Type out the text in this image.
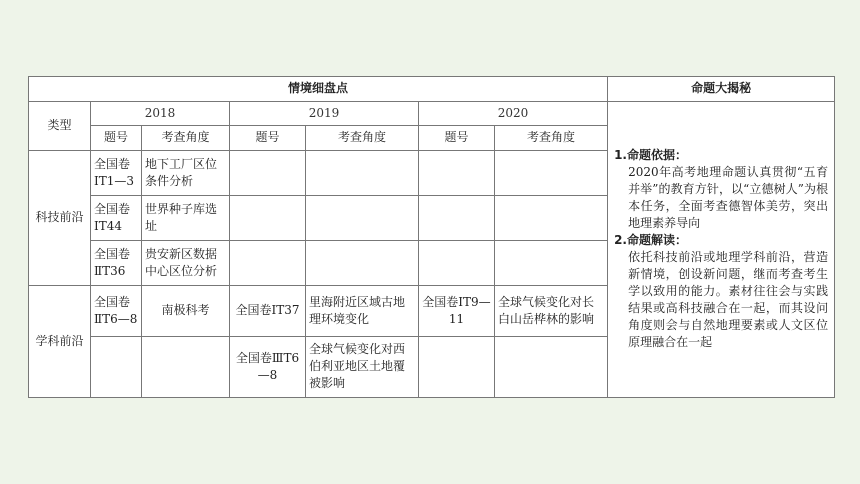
情境细盘点							命题大揭秘
类型	2018		2019		2020		1.命题依据：
2020年高考地理命题认真贯彻“五育并举”的教育方针，以“立德树人”为根本任务，全面考查德智体美劳，突出地理素养导向
2.命题解读：
依托科技前沿或地理学科前沿，营造新情境，创设新问题，继而考查考生学以致用的能力。素材往往会与实践结果或高科技融合在一起，而其设问角度则会与自然地理要素或人文区位原理融合在一起

	题号	考查角度	题号	考查角度	题号	考查角度	
科技前沿	全国卷ⅠT1—3	地下工厂区位条件分析					
	全国卷ⅠT44	世界种子库选址					
	全国卷ⅡT36	贵安新区数据中心区位分析					
学科前沿	全国卷ⅡT6—8	南极科考	全国卷ⅠT37	里海附近区域古地理环境变化	全国卷ⅠT9—11	全球气候变化对长白山岳桦林的影响	
			全国卷ⅢT6—8	全球气候变化对西伯利亚地区土地覆被影响			
